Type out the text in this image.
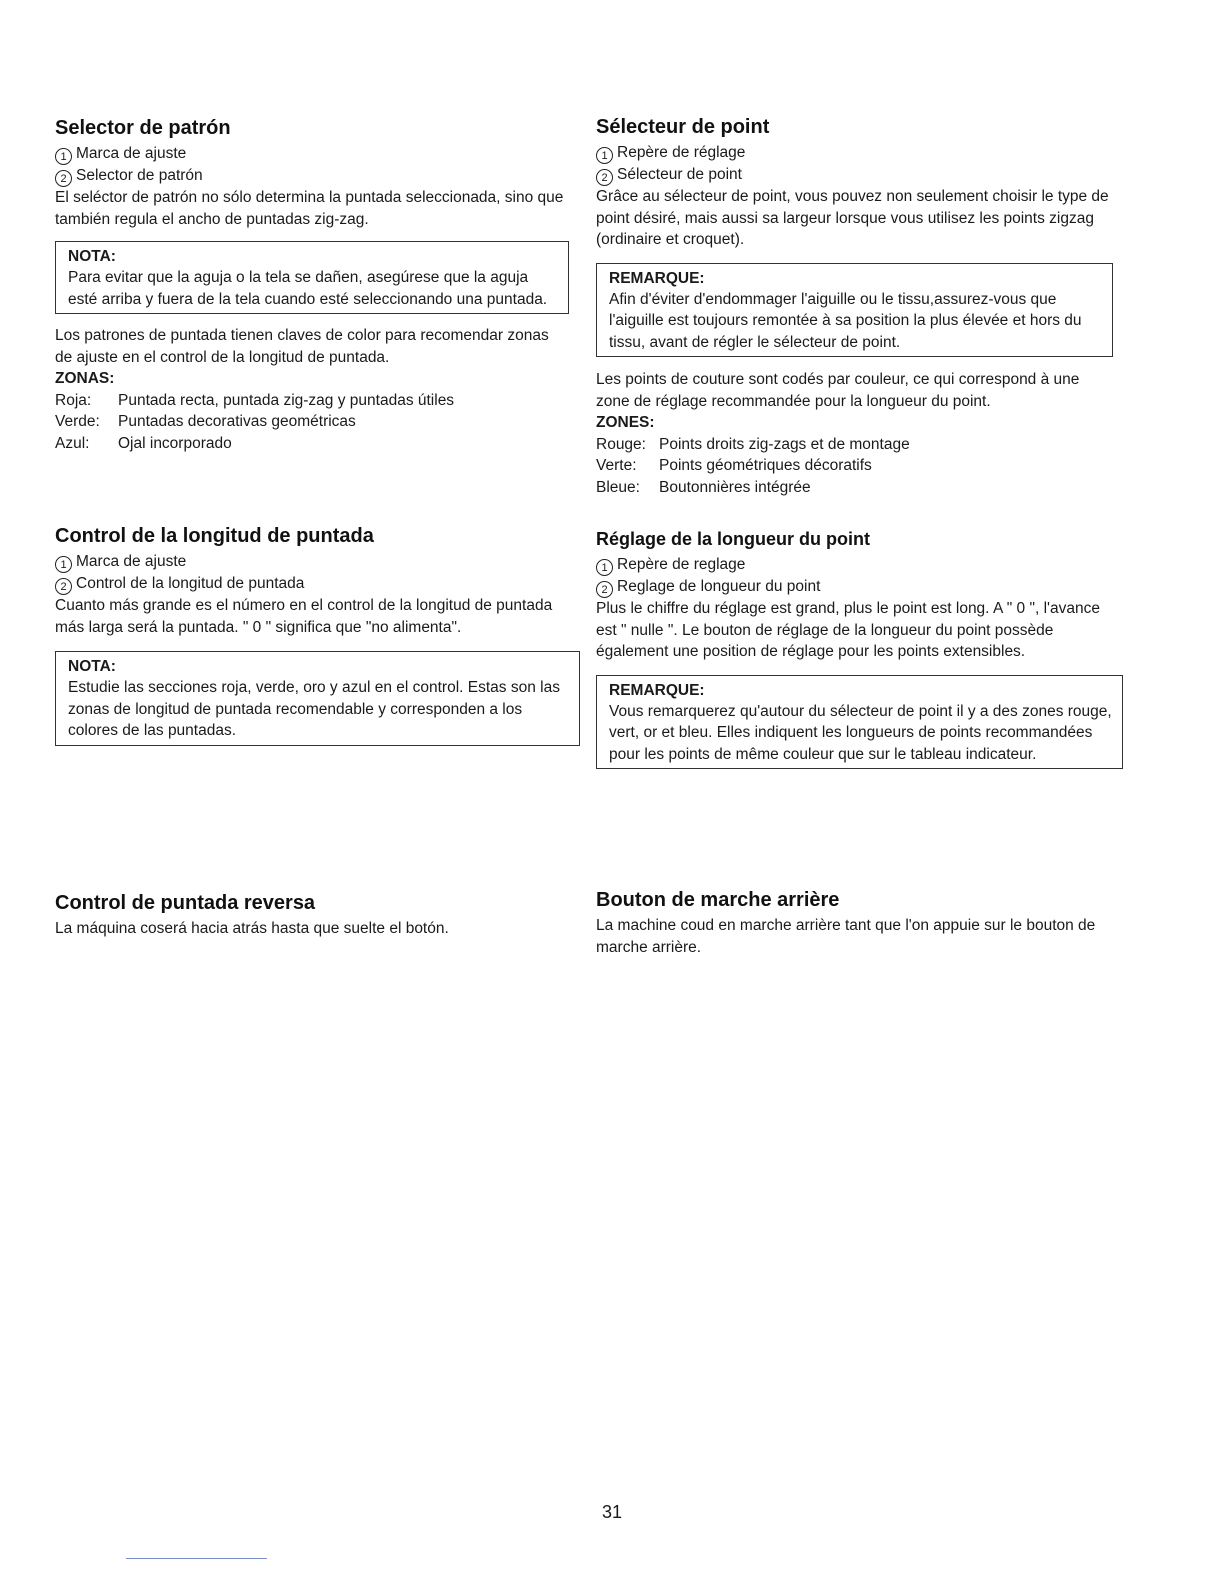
Selector de patrón

1 Marca de ajuste

2 Selector de patrón

El seléctor de patrón no sólo determina la puntada seleccionada, sino que también regula el ancho de puntadas zig-zag.

NOTA:

Para evitar que la aguja o la tela se dañen, asegúrese que la aguja esté arriba y fuera de la tela cuando esté seleccionando una puntada.

Los patrones de puntada tienen claves de color para recomendar zonas de ajuste en el control de la longitud de puntada.

ZONAS:

Roja: Puntada recta, puntada zig-zag y puntadas útiles

Verde: Puntadas decorativas geométricas

Azul: Ojal incorporado

Control de la longitud de puntada

1 Marca de ajuste

2 Control de la longitud de puntada

Cuanto más grande es el número en el control de la longitud de puntada más larga será la puntada. " 0 " significa que "no alimenta".

NOTA:

Estudie las secciones roja, verde, oro y azul en el control. Estas son las zonas de longitud de puntada recomendable y corresponden a los colores de las puntadas.

Control de puntada reversa

La máquina coserá hacia atrás hasta que suelte el botón.

Sélecteur de point

1 Repère de réglage

2 Sélecteur de point

Grâce au sélecteur de point, vous pouvez non seulement choisir le type de point désiré, mais aussi sa largeur lorsque vous utilisez les points zigzag (ordinaire et croquet).

REMARQUE:

Afin d'éviter d'endommager l'aiguille ou le tissu,assurez-vous que l'aiguille est toujours remontée à sa position la plus élevée et hors du tissu, avant de régler le sélecteur de point.

Les points de couture sont codés par couleur, ce qui correspond à une zone de réglage recommandée pour la longueur du point.

ZONES:

Rouge: Points droits zig-zags et de montage

Verte: Points géométriques décoratifs

Bleue: Boutonnières intégrée

Réglage de la longueur du point

1 Repère de reglage

2 Reglage de longueur du point

Plus le chiffre du réglage est grand, plus le point est long. A " 0 ", l'avance est " nulle ". Le bouton de réglage de la longueur du point possède également une position de réglage pour les points extensibles.

REMARQUE:

Vous remarquerez qu'autour du sélecteur de point il y a des zones rouge, vert, or et bleu. Elles indiquent les longueurs de points recommandées pour les points de même couleur que sur le tableau indicateur.

Bouton de marche arrière

La machine coud en marche arrière tant que l'on appuie sur le bouton de marche arrière.

31
